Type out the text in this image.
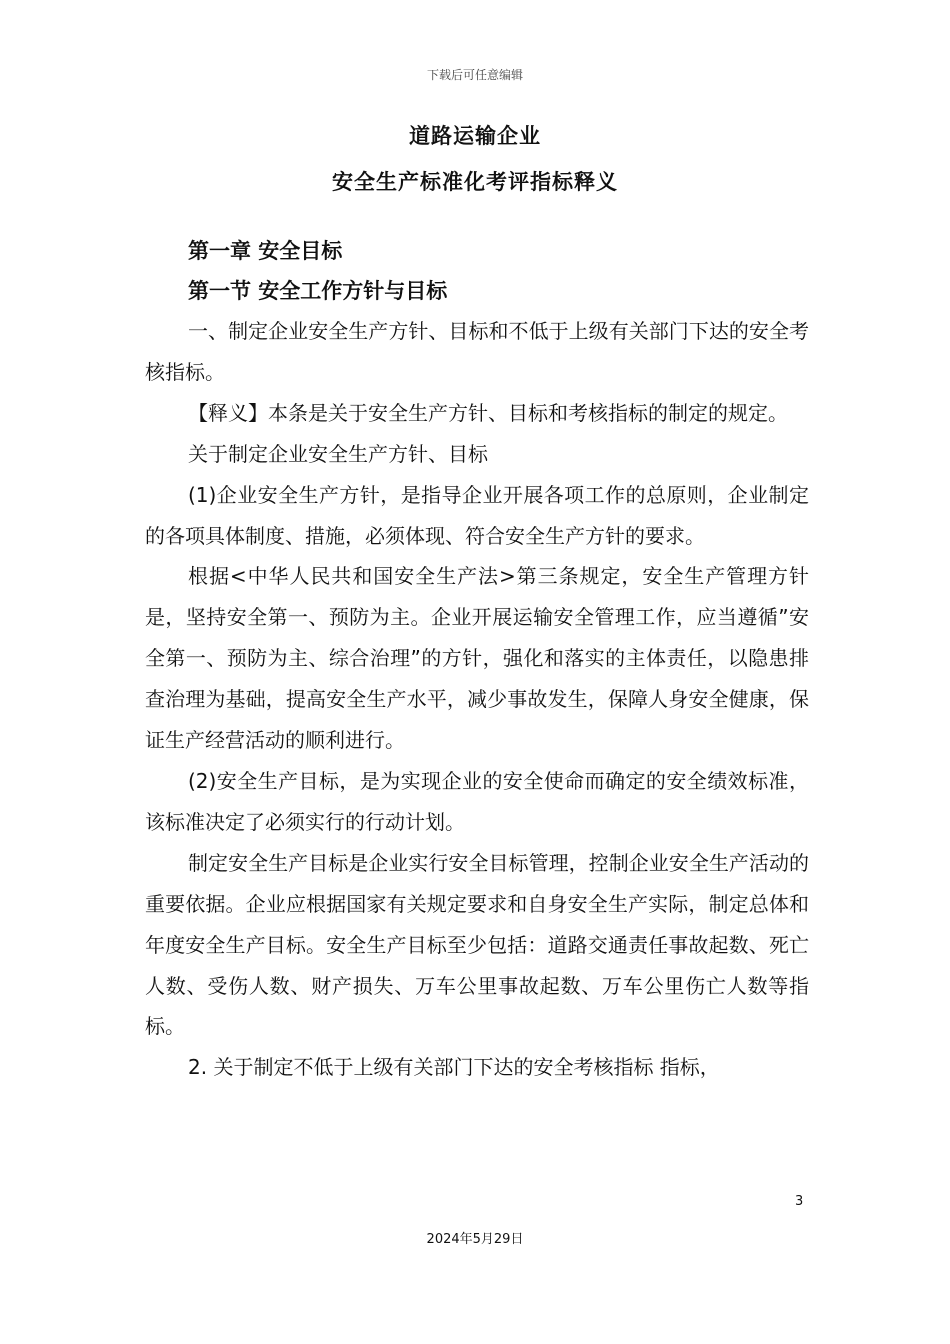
下载后可任意编辑
道路运输企业
安全生产标准化考评指标释义
第一章 安全目标
第一节 安全工作方针与目标

一、制定企业安全生产方针、目标和不低于上级有关部门下达的安全考核指标。

【释义】本条是关于安全生产方针、目标和考核指标的制定的规定。

关于制定企业安全生产方针、目标

(1)企业安全生产方针，是指导企业开展各项工作的总原则，企业制定的各项具体制度、措施，必须体现、符合安全生产方针的要求。

根据<中华人民共和国安全生产法>第三条规定，安全生产管理方针是，坚持安全第一、预防为主。企业开展运输安全管理工作，应当遵循”安全第一、预防为主、综合治理”的方针，强化和落实的主体责任，以隐患排查治理为基础，提高安全生产水平，减少事故发生，保障人身安全健康，保证生产经营活动的顺利进行。

(2)安全生产目标，是为实现企业的安全使命而确定的安全绩效标准，该标准决定了必须实行的行动计划。

制定安全生产目标是企业实行安全目标管理，控制企业安全生产活动的重要依据。企业应根据国家有关规定要求和自身安全生产实际，制定总体和年度安全生产目标。安全生产目标至少包括：道路交通责任事故起数、死亡人数、受伤人数、财产损失、万车公里事故起数、万车公里伤亡人数等指标。

2. 关于制定不低于上级有关部门下达的安全考核指标 指标，

3
2024年5月29日
